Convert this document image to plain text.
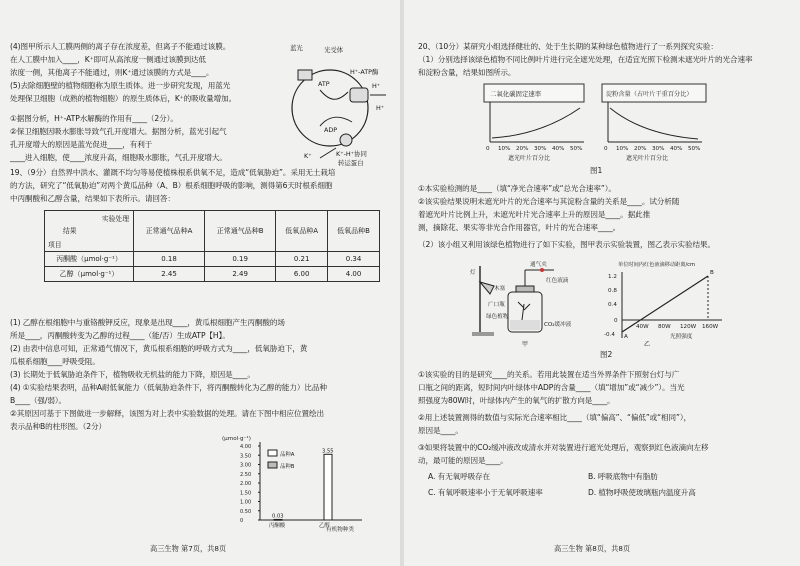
(4)图甲所示人工膜两侧的离子存在浓度差，但离子不能通过该膜。
在人工膜中加入____，K⁺即可从高浓度一侧通过该膜到达低
浓度一侧，其他离子不能通过，则K⁺通过该膜的方式是____。
(5)去除细胞壁的植物细胞称为原生质体。进一步研究发现，用蓝光
处理保卫细胞（成熟的植物细胞）的原生质体后，K⁺的吸收量增加。
①据图分析，H⁺-ATP水解酶的作用有____（2分）。
②保卫细胞因吸水膨胀导致气孔开度增大。据图分析，蓝光引起气
孔开度增大的原因是蓝光促进____，有利于
____进入细胞，使____浓度升高，细胞吸水膨胀，气孔开度增大。
蓝光	光受体
ATP
ADP
H⁺-ATP酶
H⁺
H⁺
K⁺	K⁺-H⁺协同
转运蛋白
19、（9分）自然界中洪水、灌溉不均匀等易使植株根系供氧不足，造成“低氧胁迫”。采用无土栽培
的方法，研究了“低氧胁迫”对两个黄瓜品种（A、B）根系细胞呼吸的影响，测得第6天时根系细胞
中丙酮酸和乙醇含量，结果如下表所示。请回答：
实验处理
结果
项目	正常通气品种A	正常通气品种B	低氧品种A	低氧品种B
丙酮酸（μmol·g⁻¹）	0.18	0.19	0.21	0.34
乙醇（μmol·g⁻¹）	2.45	2.49	6.00	4.00
(1) 乙醇在根细胞中与重铬酸钾反应，现象是出现____，黄瓜根细胞产生丙酮酸的场
所是____，丙酮酸转变为乙醇的过程____（能/否）生成ATP【H】。
(2) 由表中信息可知，正常通气情况下，黄瓜根系细胞的呼吸方式为____，低氧胁迫下，黄
瓜根系细胞____呼吸受阻。
(3) 长期处于低氧胁迫条件下，植物吸收无机盐的能力下降，原因是____。
(4) ①实验结果表明，品种A耐低氧能力（低氧胁迫条件下，将丙酮酸转化为乙醇的能力）比品种
B____（强/弱）。
②其原因可基于下图做进一步解释，该图为对上表中实验数据的处理。请在下图中相应位置绘出
表示品种B的柱形图。（2分）
(μmol·g⁻¹)
0
0.50
1.00
1.50
2.00
2.50
3.00
3.50
4.00
品种A
品种B
0.03
丙酮酸
3.55
乙醇
有机物种类
高三生物 第7页，共8页
20、（10分）某研究小组选择健壮的、处于生长期的某种绿色植物进行了一系列探究实验：
（1）分别选择该绿色植物不同比例叶片进行完全遮光处理，在适宜光照下检测未遮光叶片的光合速率
和淀粉含量，结果如图所示。
二氧化碳固定速率
0 10% 20% 30% 40% 50%
遮光叶片百分比
淀粉含量（占叶片干重百分比）
0 10% 20% 30% 40% 50%
遮光叶片百分比
图1
①本实验检测的是____（填“净光合速率”或“总光合速率”）。
②该实验结果说明未遮光叶片的光合速率与其淀粉含量的关系是____。试分析随
着遮光叶片比例上升，未遮光叶片光合速率上升的原因是____。据此推
测，摘除花、果实等非光合作用器官，叶片的光合速率____。
（2）该小组又利用该绿色植物进行了如下实验，图甲表示实验装置，图乙表示实验结果。
通气夹
红色液滴
广口瓶
绿色植物
CO₂缓冲液
木塞
灯
甲
单位时间内红色液滴移动距离/cm
1.2
0.8
0.4
0
-0.4
40W 80W 120W 160W
A
B
光照强度
乙
图2
①该实验的目的是研究____的关系。若用此装置在适当外界条件下照射台灯与广
口瓶之间的距离，短时间内叶绿体中ADP的含量____（填“增加”或“减少”）。当光
照强度为80W时，叶绿体内产生的氧气的扩散方向是____。
②用上述装置测得的数值与实际光合速率相比____（填“偏高”、“偏低”或“相同”），
原因是____。
③如果将装置中的CO₂缓冲液改成清水并对装置进行遮光处理后，观察到红色液滴向左移
动，最可能的原因是____。
A. 有无氧呼吸存在	B. 呼吸底物中有脂肪
C. 有氧呼吸速率小于无氧呼吸速率	D. 植物呼吸使玻璃瓶内温度升高
高三生物 第8页，共8页
